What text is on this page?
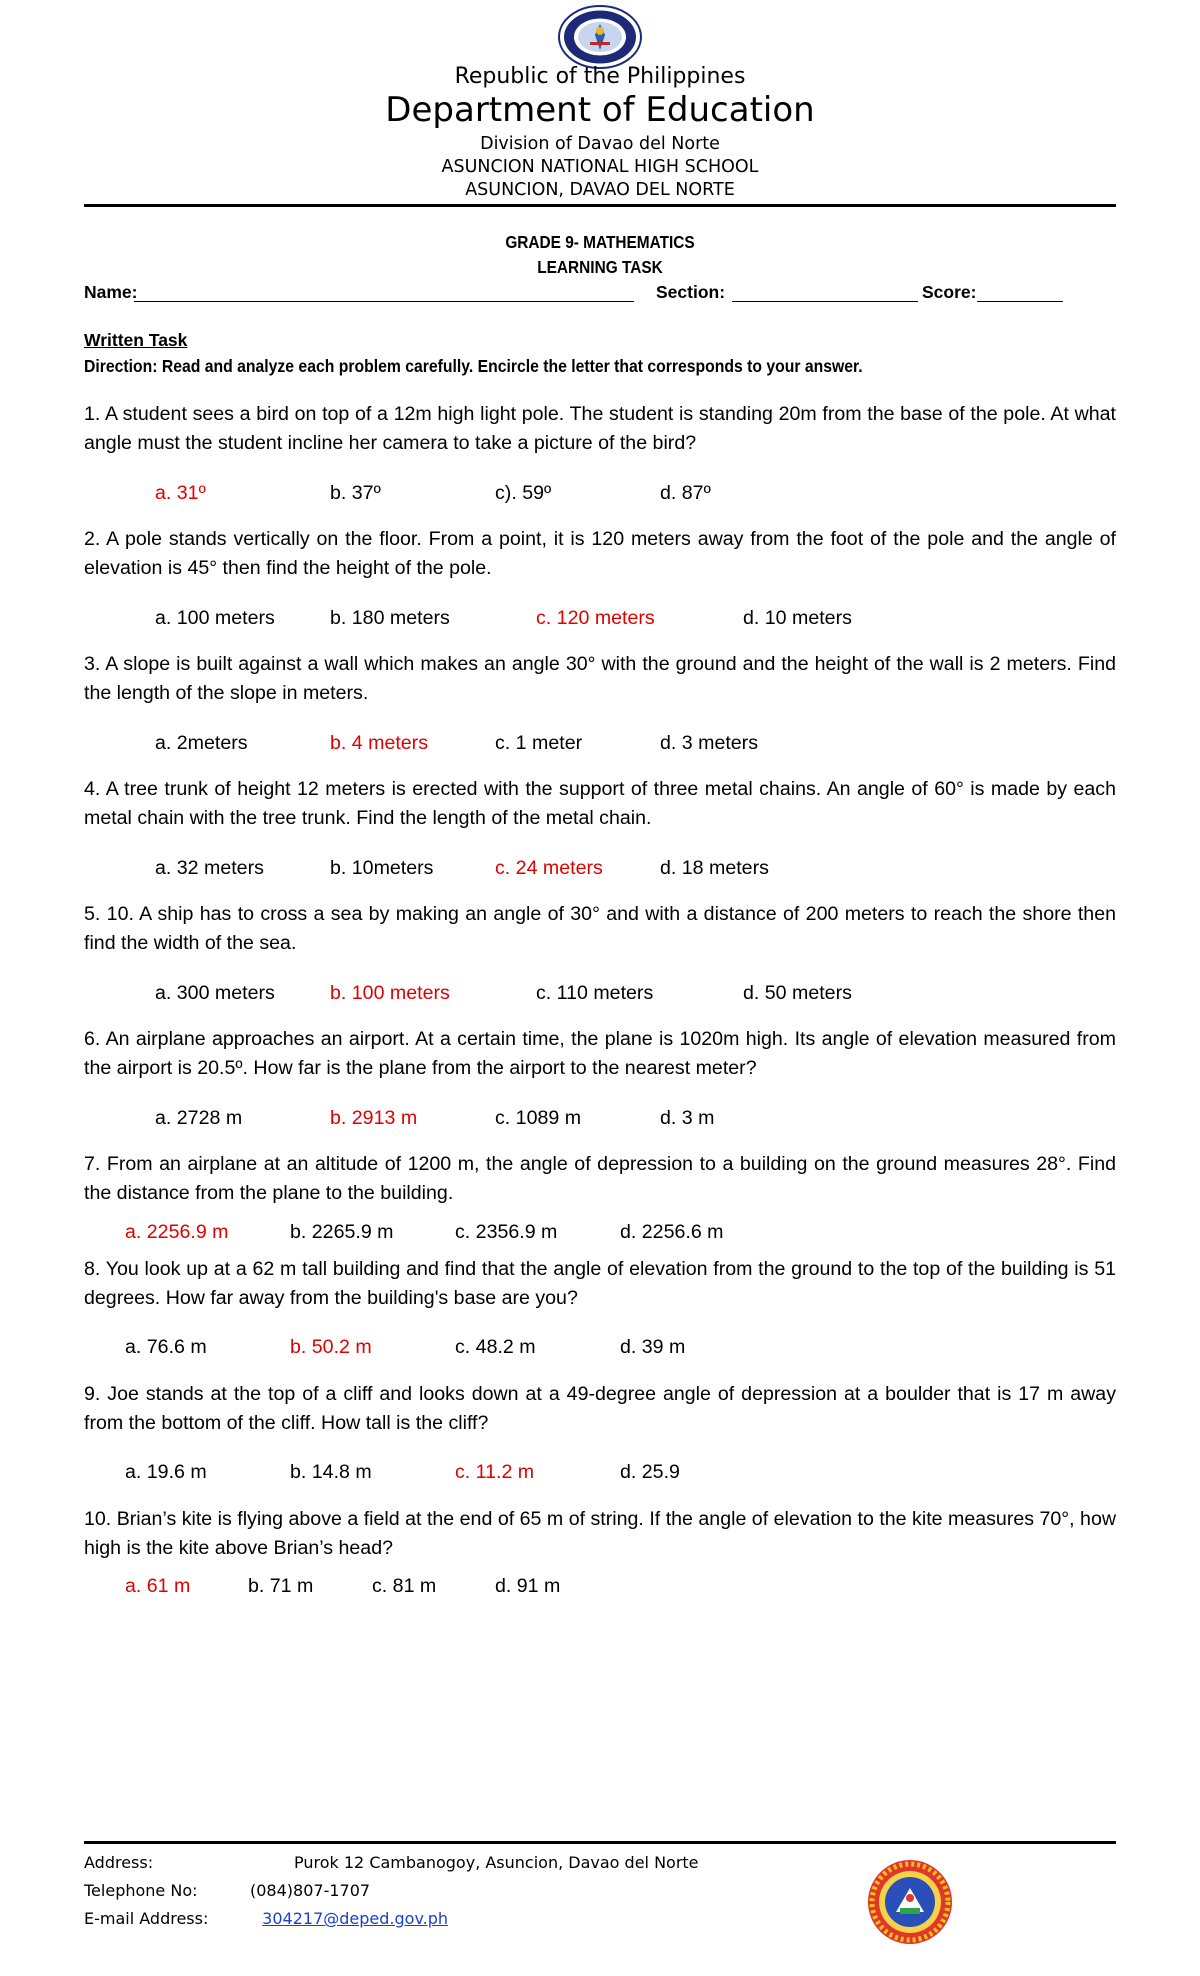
Republic of the Philippines
Department of Education
Division of Davao del Norte
ASUNCION NATIONAL HIGH SCHOOL
ASUNCION, DAVAO DEL NORTE
GRADE 9- MATHEMATICS
LEARNING TASK
Name:	Section:	Score:
Written Task
Direction: Read and analyze each problem carefully. Encircle the letter that corresponds to your answer.
1. A student sees a bird on top of a 12m high light pole. The student is standing 20m from the base of the pole. At what angle must the student incline her camera to take a picture of the bird?
a. 31º	b. 37º	c). 59º	d. 87º
2. A pole stands vertically on the floor. From a point, it is 120 meters away from the foot of the pole and the angle of elevation is 45° then find the height of the pole.
a. 100 meters	b. 180 meters	c. 120 meters	d. 10 meters
3. A slope is built against a wall which makes an angle 30° with the ground and the height of the wall is 2 meters. Find the length of the slope in meters.
a. 2meters	b. 4 meters	c. 1 meter	d. 3 meters
4. A tree trunk of height 12 meters is erected with the support of three metal chains. An angle of 60° is made by each metal chain with the tree trunk. Find the length of the metal chain.
a. 32 meters	b. 10meters	c. 24 meters	d. 18 meters
5. 10. A ship has to cross a sea by making an angle of 30° and with a distance of 200 meters to reach the shore then find the width of the sea.
a. 300 meters	b. 100 meters	c. 110 meters	d. 50 meters
6. An airplane approaches an airport. At a certain time, the plane is 1020m high. Its angle of elevation measured from the airport is 20.5º. How far is the plane from the airport to the nearest meter?
a. 2728 m	b. 2913 m	c. 1089 m	d. 3 m
7. From an airplane at an altitude of 1200 m, the angle of depression to a building on the ground measures 28°. Find the distance from the plane to the building.
a. 2256.9 m	b. 2265.9 m	c. 2356.9 m	d. 2256.6 m
8. You look up at a 62 m tall building and find that the angle of elevation from the ground to the top of the building is 51 degrees. How far away from the building's base are you?
a. 76.6 m	b. 50.2 m	c. 48.2 m	d. 39 m
9. Joe stands at the top of a cliff and looks down at a 49-degree angle of depression at a boulder that is 17 m away from the bottom of the cliff. How tall is the cliff?
a. 19.6 m	b. 14.8 m	c. 11.2 m	d. 25.9
10. Brian’s kite is flying above a field at the end of 65 m of string. If the angle of elevation to the kite measures 70°, how high is the kite above Brian’s head?
a. 61 m	b. 71 m	c. 81 m	d. 91 m
Address:	Purok 12 Cambanogoy, Asuncion, Davao del Norte
Telephone No:	(084)807-1707
E-mail Address:	304217@deped.gov.ph
